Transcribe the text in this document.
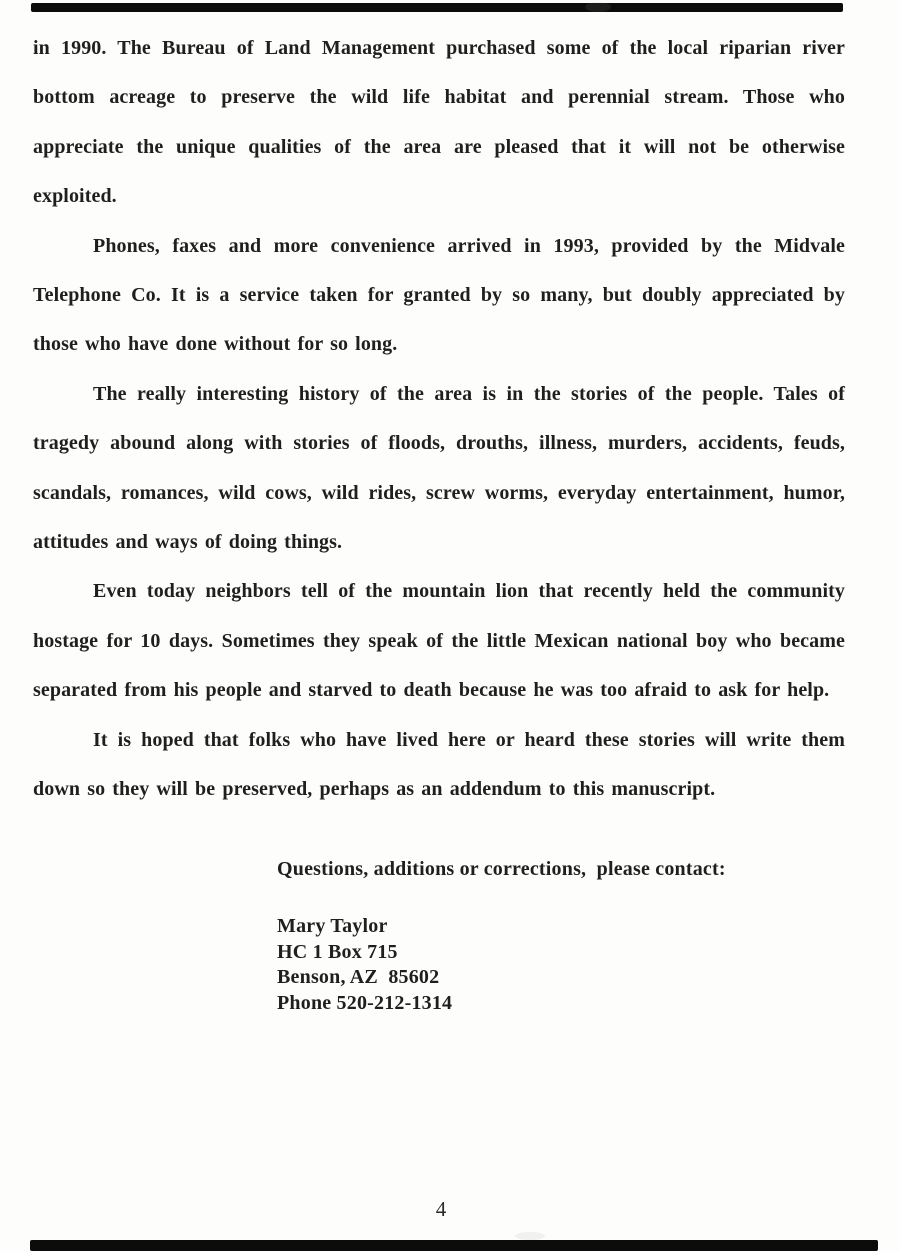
in 1990. The Bureau of Land Management purchased some of the local riparian river bottom acreage to preserve the wild life habitat and perennial stream. Those who appreciate the unique qualities of the area are pleased that it will not be otherwise exploited.

Phones, faxes and more convenience arrived in 1993, provided by the Midvale Telephone Co. It is a service taken for granted by so many, but doubly appreciated by those who have done without for so long.

The really interesting history of the area is in the stories of the people. Tales of tragedy abound along with stories of floods, drouths, illness, murders, accidents, feuds, scandals, romances, wild cows, wild rides, screw worms, everyday entertainment, humor, attitudes and ways of doing things.

Even today neighbors tell of the mountain lion that recently held the community hostage for 10 days. Sometimes they speak of the little Mexican national boy who became separated from his people and starved to death because he was too afraid to ask for help.

It is hoped that folks who have lived here or heard these stories will write them down so they will be preserved, perhaps as an addendum to this manuscript.

Questions, additions or corrections,  please contact:
Mary Taylor
HC 1 Box 715
Benson, AZ  85602
Phone 520-212-1314
4
